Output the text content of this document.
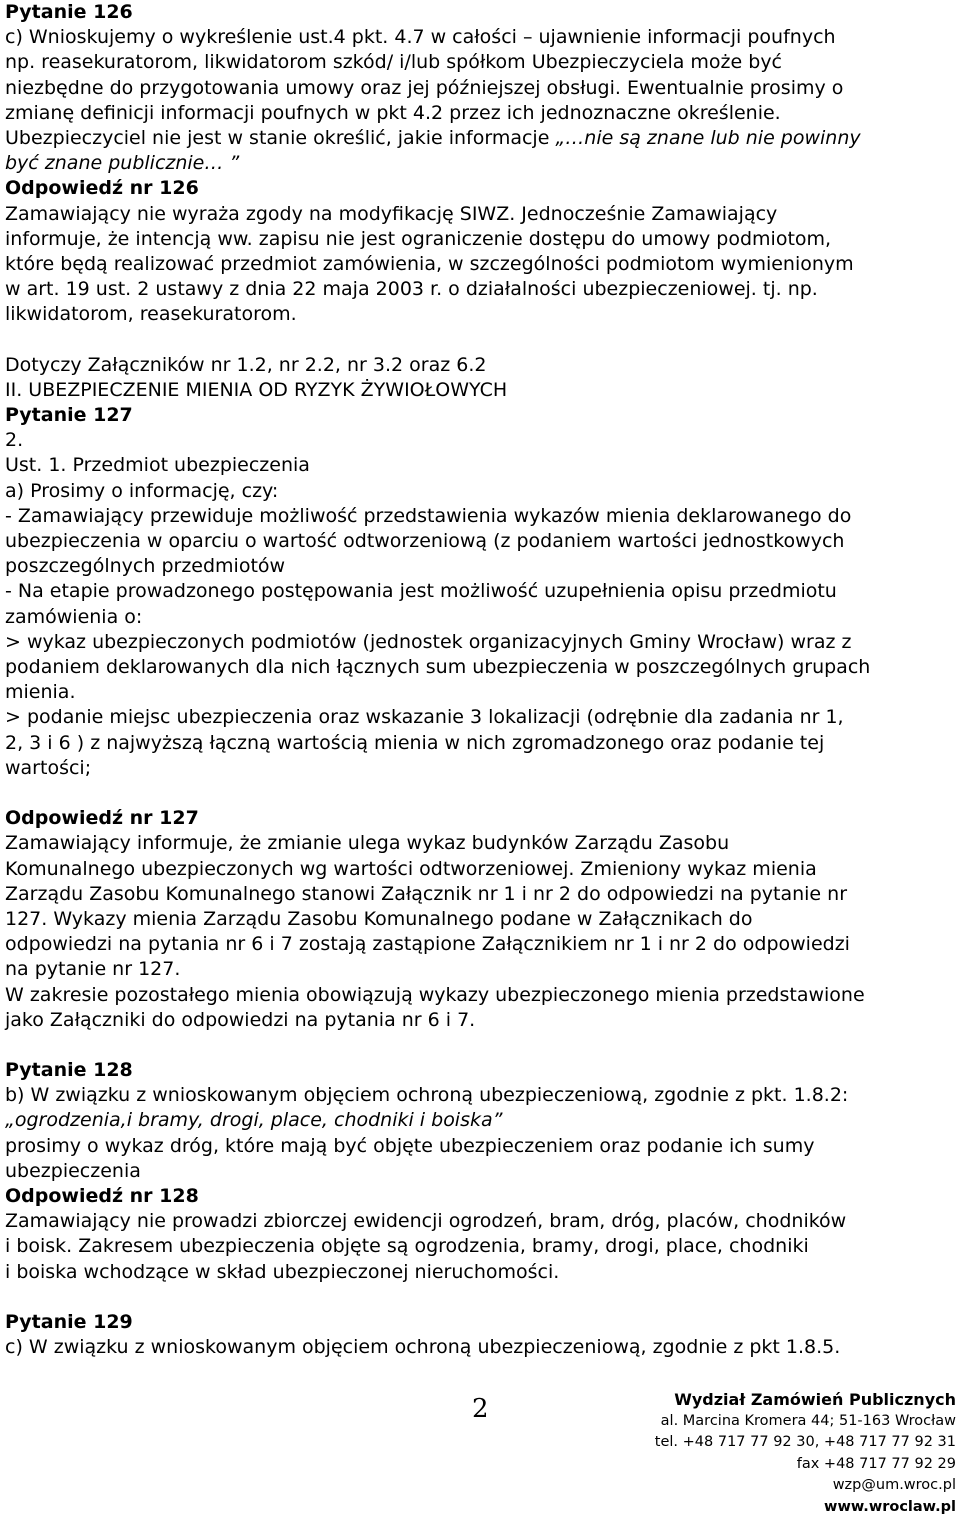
Pytanie 126

c) Wnioskujemy o wykreślenie ust.4 pkt. 4.7 w całości – ujawnienie informacji poufnych

np. reasekuratorom, likwidatorom szkód/ i/lub spółkom Ubezpieczyciela może być

niezbędne do przygotowania umowy oraz jej późniejszej obsługi. Ewentualnie prosimy o

zmianę definicji informacji poufnych w pkt 4.2 przez ich jednoznaczne określenie.

Ubezpieczyciel nie jest w stanie określić, jakie informacje „…nie są znane lub nie powinny

być znane publicznie… ”

Odpowiedź nr 126

Zamawiający nie wyraża zgody na modyfikację SIWZ. Jednocześnie Zamawiający

informuje, że intencją ww. zapisu nie jest ograniczenie dostępu do umowy podmiotom,

które będą realizować przedmiot zamówienia, w szczególności podmiotom wymienionym

w art. 19 ust. 2 ustawy z dnia 22 maja 2003 r. o działalności ubezpieczeniowej. tj. np.

likwidatorom, reasekuratorom.

Dotyczy Załączników nr 1.2, nr 2.2, nr 3.2 oraz 6.2

II. UBEZPIECZENIE MIENIA OD RYZYK ŻYWIOŁOWYCH

Pytanie 127

2.

Ust. 1. Przedmiot ubezpieczenia

a) Prosimy o informację, czy:

- Zamawiający przewiduje możliwość przedstawienia wykazów mienia deklarowanego do

ubezpieczenia w oparciu o wartość odtworzeniową (z podaniem wartości jednostkowych

poszczególnych przedmiotów

- Na etapie prowadzonego postępowania jest możliwość uzupełnienia opisu przedmiotu

zamówienia o:

> wykaz ubezpieczonych podmiotów (jednostek organizacyjnych Gminy Wrocław) wraz z

podaniem deklarowanych dla nich łącznych sum ubezpieczenia w poszczególnych grupach

mienia.

> podanie miejsc ubezpieczenia oraz wskazanie 3 lokalizacji (odrębnie dla zadania nr 1,

2, 3 i 6 ) z najwyższą łączną wartością mienia w nich zgromadzonego oraz podanie tej

wartości;

Odpowiedź nr 127

Zamawiający informuje, że zmianie ulega wykaz budynków Zarządu Zasobu

Komunalnego ubezpieczonych wg wartości odtworzeniowej. Zmieniony wykaz mienia

Zarządu Zasobu Komunalnego stanowi Załącznik nr 1 i nr 2 do odpowiedzi na pytanie nr

127. Wykazy mienia Zarządu Zasobu Komunalnego podane w Załącznikach do

odpowiedzi na pytania nr 6 i 7 zostają zastąpione Załącznikiem nr 1 i nr 2 do odpowiedzi

na pytanie nr 127.

W zakresie pozostałego mienia obowiązują wykazy ubezpieczonego mienia przedstawione

jako Załączniki do odpowiedzi na pytania nr 6 i 7.

Pytanie 128

b) W związku z wnioskowanym objęciem ochroną ubezpieczeniową, zgodnie z pkt. 1.8.2:

„ogrodzenia,i bramy, drogi, place, chodniki i boiska”

prosimy o wykaz dróg, które mają być objęte ubezpieczeniem oraz podanie ich sumy

ubezpieczenia

Odpowiedź nr 128

Zamawiający nie prowadzi zbiorczej ewidencji ogrodzeń, bram, dróg, placów, chodników

i boisk. Zakresem ubezpieczenia objęte są ogrodzenia, bramy, drogi, place, chodniki

i boiska wchodzące w skład ubezpieczonej nieruchomości.

Pytanie 129

c) W związku z wnioskowanym objęciem ochroną ubezpieczeniową, zgodnie z pkt 1.8.5.

2	Wydział Zamówień Publicznych
al. Marcina Kromera 44; 51-163 Wrocław
tel. +48 717 77 92 30, +48 717 77 92 31
fax +48 717 77 92 29
wzp@um.wroc.pl
www.wroclaw.pl
